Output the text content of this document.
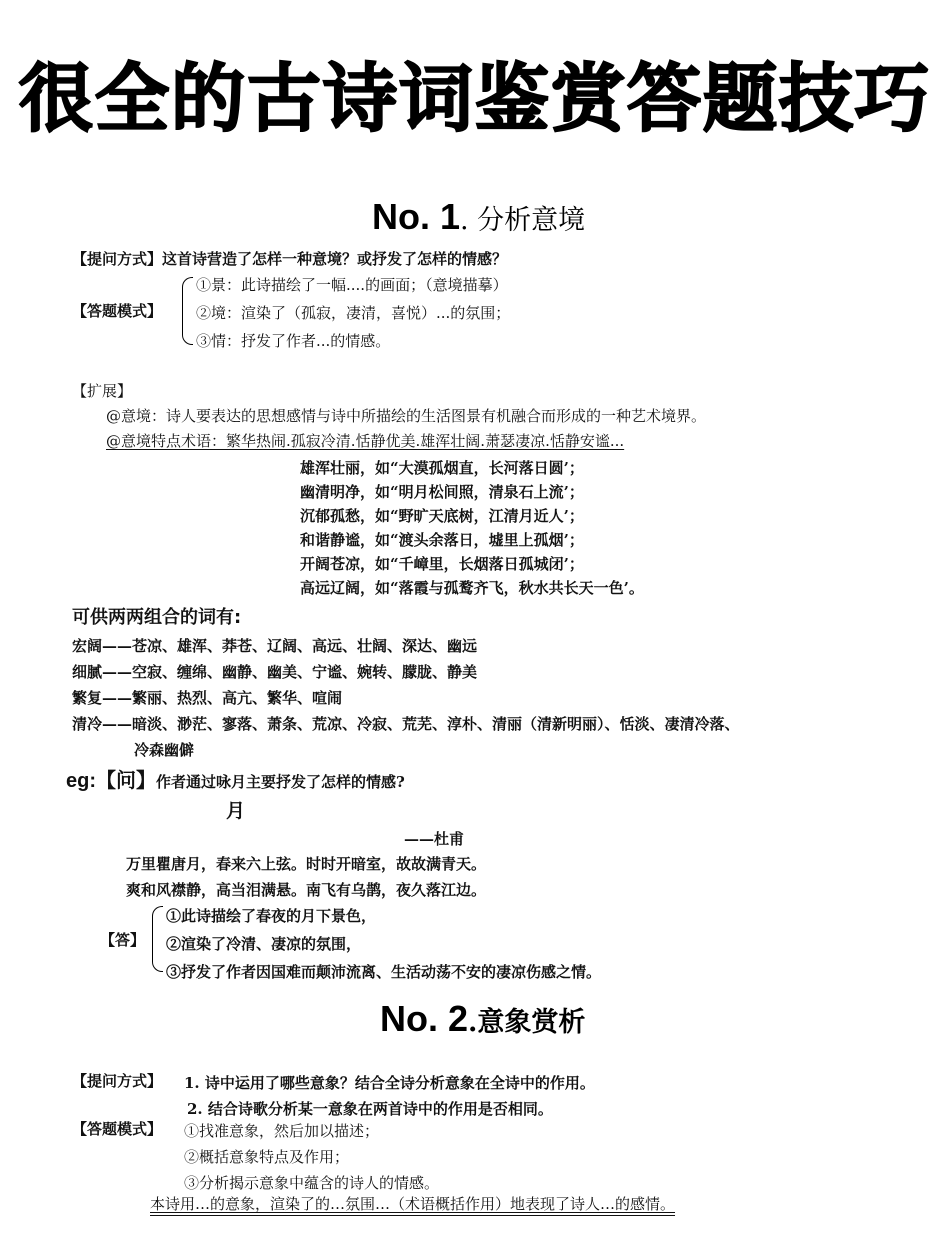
很全的古诗词鉴赏答题技巧
No. 1. 分析意境
【提问方式】这首诗营造了怎样一种意境？或抒发了怎样的情感？
【答题模式】
①景：此诗描绘了一幅....的画面；（意境描摹）
②境：渲染了（孤寂，凄清，喜悦）...的氛围；
③情：抒发了作者...的情感。
【扩展】
@意境：诗人要表达的思想感情与诗中所描绘的生活图景有机融合而形成的一种艺术境界。
@意境特点术语：繁华热闹.孤寂冷清.恬静优美.雄浑壮阔.萧瑟凄凉.恬静安谧...
雄浑壮丽，如“大漠孤烟直，长河落日圆’；
幽清明净，如“明月松间照，清泉石上流’；
沉郁孤愁，如“野旷天底树，江清月近人’；
和谐静谧，如“渡头余落日，墟里上孤烟’；
开阔苍凉，如“千嶂里，长烟落日孤城闭’；
高远辽阔，如“落霞与孤鹜齐飞，秋水共长天一色’。
可供两两组合的词有:
宏阔——苍凉、雄浑、莽苍、辽阔、高远、壮阔、深达、幽远
细腻——空寂、缠绵、幽静、幽美、宁谧、婉转、朦胧、静美
繁复——繁丽、热烈、高亢、繁华、喧闹
清冷——暗淡、渺茫、寥落、萧条、荒凉、冷寂、荒芜、淳朴、清丽（清新明丽）、恬淡、凄清冷落、
冷森幽僻
eg:【问】作者通过咏月主要抒发了怎样的情感?
月
——杜甫
万里瞿唐月，春来六上弦。时时开暗室，故故满青天。
爽和风襟静，高当泪满悬。南飞有乌鹊，夜久落江边。
【答】
①此诗描绘了春夜的月下景色，
②渲染了冷清、凄凉的氛围，
③抒发了作者因国难而颠沛流离、生活动荡不安的凄凉伤感之情。
No. 2.意象赏析
【提问方式】 1. 诗中运用了哪些意象？结合全诗分析意象在全诗中的作用。
2. 结合诗歌分析某一意象在两首诗中的作用是否相同。
【答题模式】 ①找准意象，然后加以描述；
②概括意象特点及作用；
③分析揭示意象中蕴含的诗人的情感。
本诗用…的意象，渲染了的…氛围…（术语概括作用）地表现了诗人…的感情。
